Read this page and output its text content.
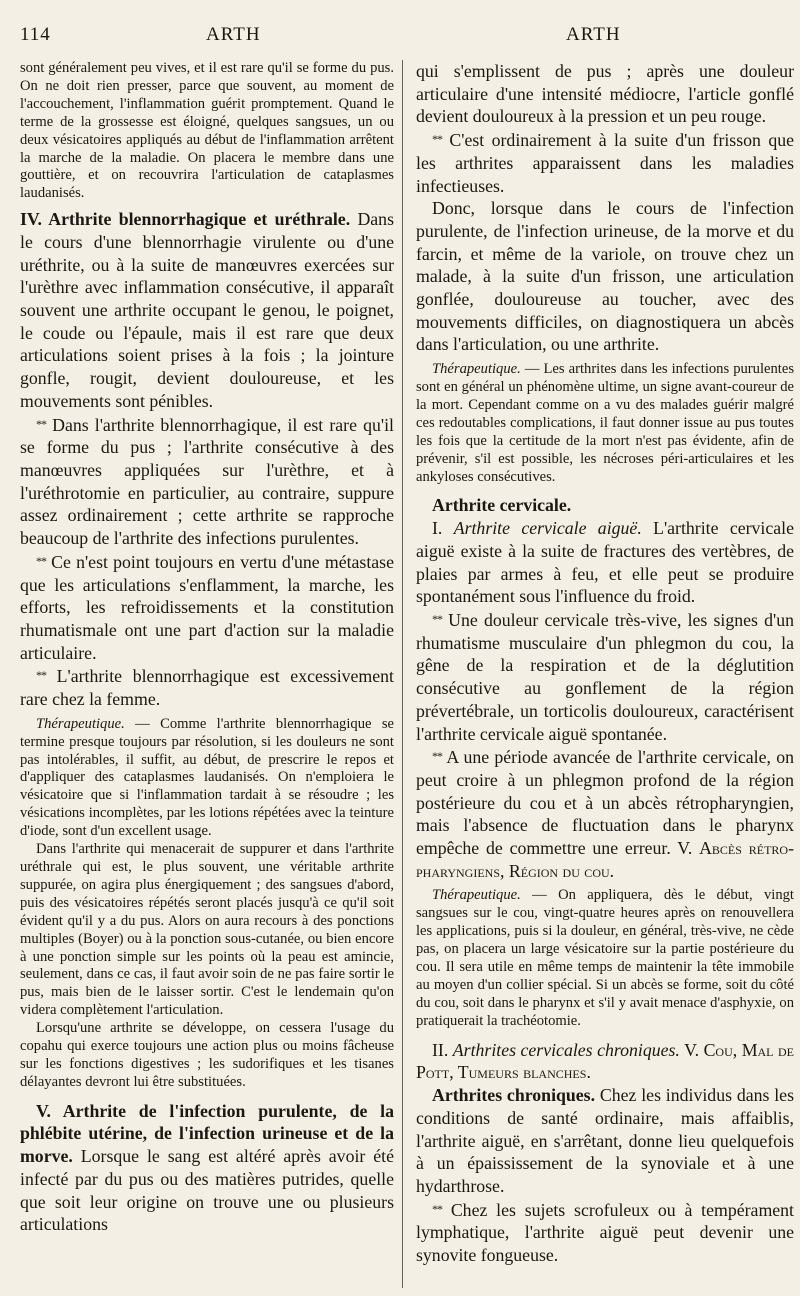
114	ARTH	ARTH

sont généralement peu vives, et il est rare qu'il se forme du pus. On ne doit rien presser, parce que souvent, au moment de l'accouchement, l'inflammation guérit promptement. Quand le terme de la grossesse est éloigné, quelques sangsues, un ou deux vésicatoires appliqués au début de l'inflammation arrêtent la marche de la maladie. On placera le membre dans une gouttière, et on recouvrira l'articulation de cataplasmes laudanisés.

IV. Arthrite blennorrhagique et uréthrale. Dans le cours d'une blennorrhagie virulente ou d'une uréthrite, ou à la suite de manœuvres exercées sur l'urèthre avec inflammation consécutive, il apparaît souvent une arthrite occupant le genou, le poignet, le coude ou l'épaule, mais il est rare que deux articulations soient prises à la fois ; la jointure gonfle, rougit, devient douloureuse, et les mouvements sont pénibles.

** Dans l'arthrite blennorrhagique, il est rare qu'il se forme du pus ; l'arthrite consécutive à des manœuvres appliquées sur l'urèthre, et à l'uréthrotomie en particulier, au contraire, suppure assez ordinairement ; cette arthrite se rapproche beaucoup de l'arthrite des infections purulentes.

** Ce n'est point toujours en vertu d'une métastase que les articulations s'enflamment, la marche, les efforts, les refroidissements et la constitution rhumatismale ont une part d'action sur la maladie articulaire.

** L'arthrite blennorrhagique est excessivement rare chez la femme.

Thérapeutique. — Comme l'arthrite blennorrhagique se termine presque toujours par résolution, si les douleurs ne sont pas intolérables, il suffit, au début, de prescrire le repos et d'appliquer des cataplasmes laudanisés. On n'emploiera le vésicatoire que si l'inflammation tardait à se résoudre ; les vésications incomplètes, par les lotions répétées avec la teinture d'iode, sont d'un excellent usage.

Dans l'arthrite qui menacerait de suppurer et dans l'arthrite uréthrale qui est, le plus souvent, une véritable arthrite suppurée, on agira plus énergiquement ; des sangsues d'abord, puis des vésicatoires répétés seront placés jusqu'à ce qu'il soit évident qu'il y a du pus. Alors on aura recours à des ponctions multiples (Boyer) ou à la ponction sous-cutanée, ou bien encore à une ponction simple sur les points où la peau est amincie, seulement, dans ce cas, il faut avoir soin de ne pas faire sortir le pus, mais bien de le laisser sortir. C'est le lendemain qu'on videra complètement l'articulation.

Lorsqu'une arthrite se développe, on cessera l'usage du copahu qui exerce toujours une action plus ou moins fâcheuse sur les fonctions digestives ; les sudorifiques et les tisanes délayantes devront lui être substituées.

V. Arthrite de l'infection purulente, de la phlébite utérine, de l'infection urineuse et de la morve. Lorsque le sang est altéré après avoir été infecté par du pus ou des matières putrides, quelle que soit leur origine on trouve une ou plusieurs articulations

qui s'emplissent de pus ; après une douleur articulaire d'une intensité médiocre, l'article gonflé devient douloureux à la pression et un peu rouge.

** C'est ordinairement à la suite d'un frisson que les arthrites apparaissent dans les maladies infectieuses.

Donc, lorsque dans le cours de l'infection purulente, de l'infection urineuse, de la morve et du farcin, et même de la variole, on trouve chez un malade, à la suite d'un frisson, une articulation gonflée, douloureuse au toucher, avec des mouvements difficiles, on diagnostiquera un abcès dans l'articulation, ou une arthrite.

Thérapeutique. — Les arthrites dans les infections purulentes sont en général un phénomène ultime, un signe avant-coureur de la mort. Cependant comme on a vu des malades guérir malgré ces redoutables complications, il faut donner issue au pus toutes les fois que la certitude de la mort n'est pas évidente, afin de prévenir, s'il est possible, les nécroses péri-articulaires et les ankyloses consécutives.

Arthrite cervicale.

I. Arthrite cervicale aiguë. L'arthrite cervicale aiguë existe à la suite de fractures des vertèbres, de plaies par armes à feu, et elle peut se produire spontanément sous l'influence du froid.

** Une douleur cervicale très-vive, les signes d'un rhumatisme musculaire d'un phlegmon du cou, la gêne de la respiration et de la déglutition consécutive au gonflement de la région prévertébrale, un torticolis douloureux, caractérisent l'arthrite cervicale aiguë spontanée.

** A une période avancée de l'arthrite cervicale, on peut croire à un phlegmon profond de la région postérieure du cou et à un abcès rétropharyngien, mais l'absence de fluctuation dans le pharynx empêche de commettre une erreur. V. Abcès rétro-pharyngiens, Région du cou.

Thérapeutique. — On appliquera, dès le début, vingt sangsues sur le cou, vingt-quatre heures après on renouvellera les applications, puis si la douleur, en général, très-vive, ne cède pas, on placera un large vésicatoire sur la partie postérieure du cou. Il sera utile en même temps de maintenir la tête immobile au moyen d'un collier spécial. Si un abcès se forme, soit du côté du cou, soit dans le pharynx et s'il y avait menace d'asphyxie, on pratiquerait la trachéotomie.

II. Arthrites cervicales chroniques. V. Cou, Mal de Pott, Tumeurs blanches.

Arthrites chroniques. Chez les individus dans les conditions de santé ordinaire, mais affaiblis, l'arthrite aiguë, en s'arrêtant, donne lieu quelquefois à un épaississement de la synoviale et à une hydarthrose.

** Chez les sujets scrofuleux ou à tempérament lymphatique, l'arthrite aiguë peut devenir une synovite fongueuse.
